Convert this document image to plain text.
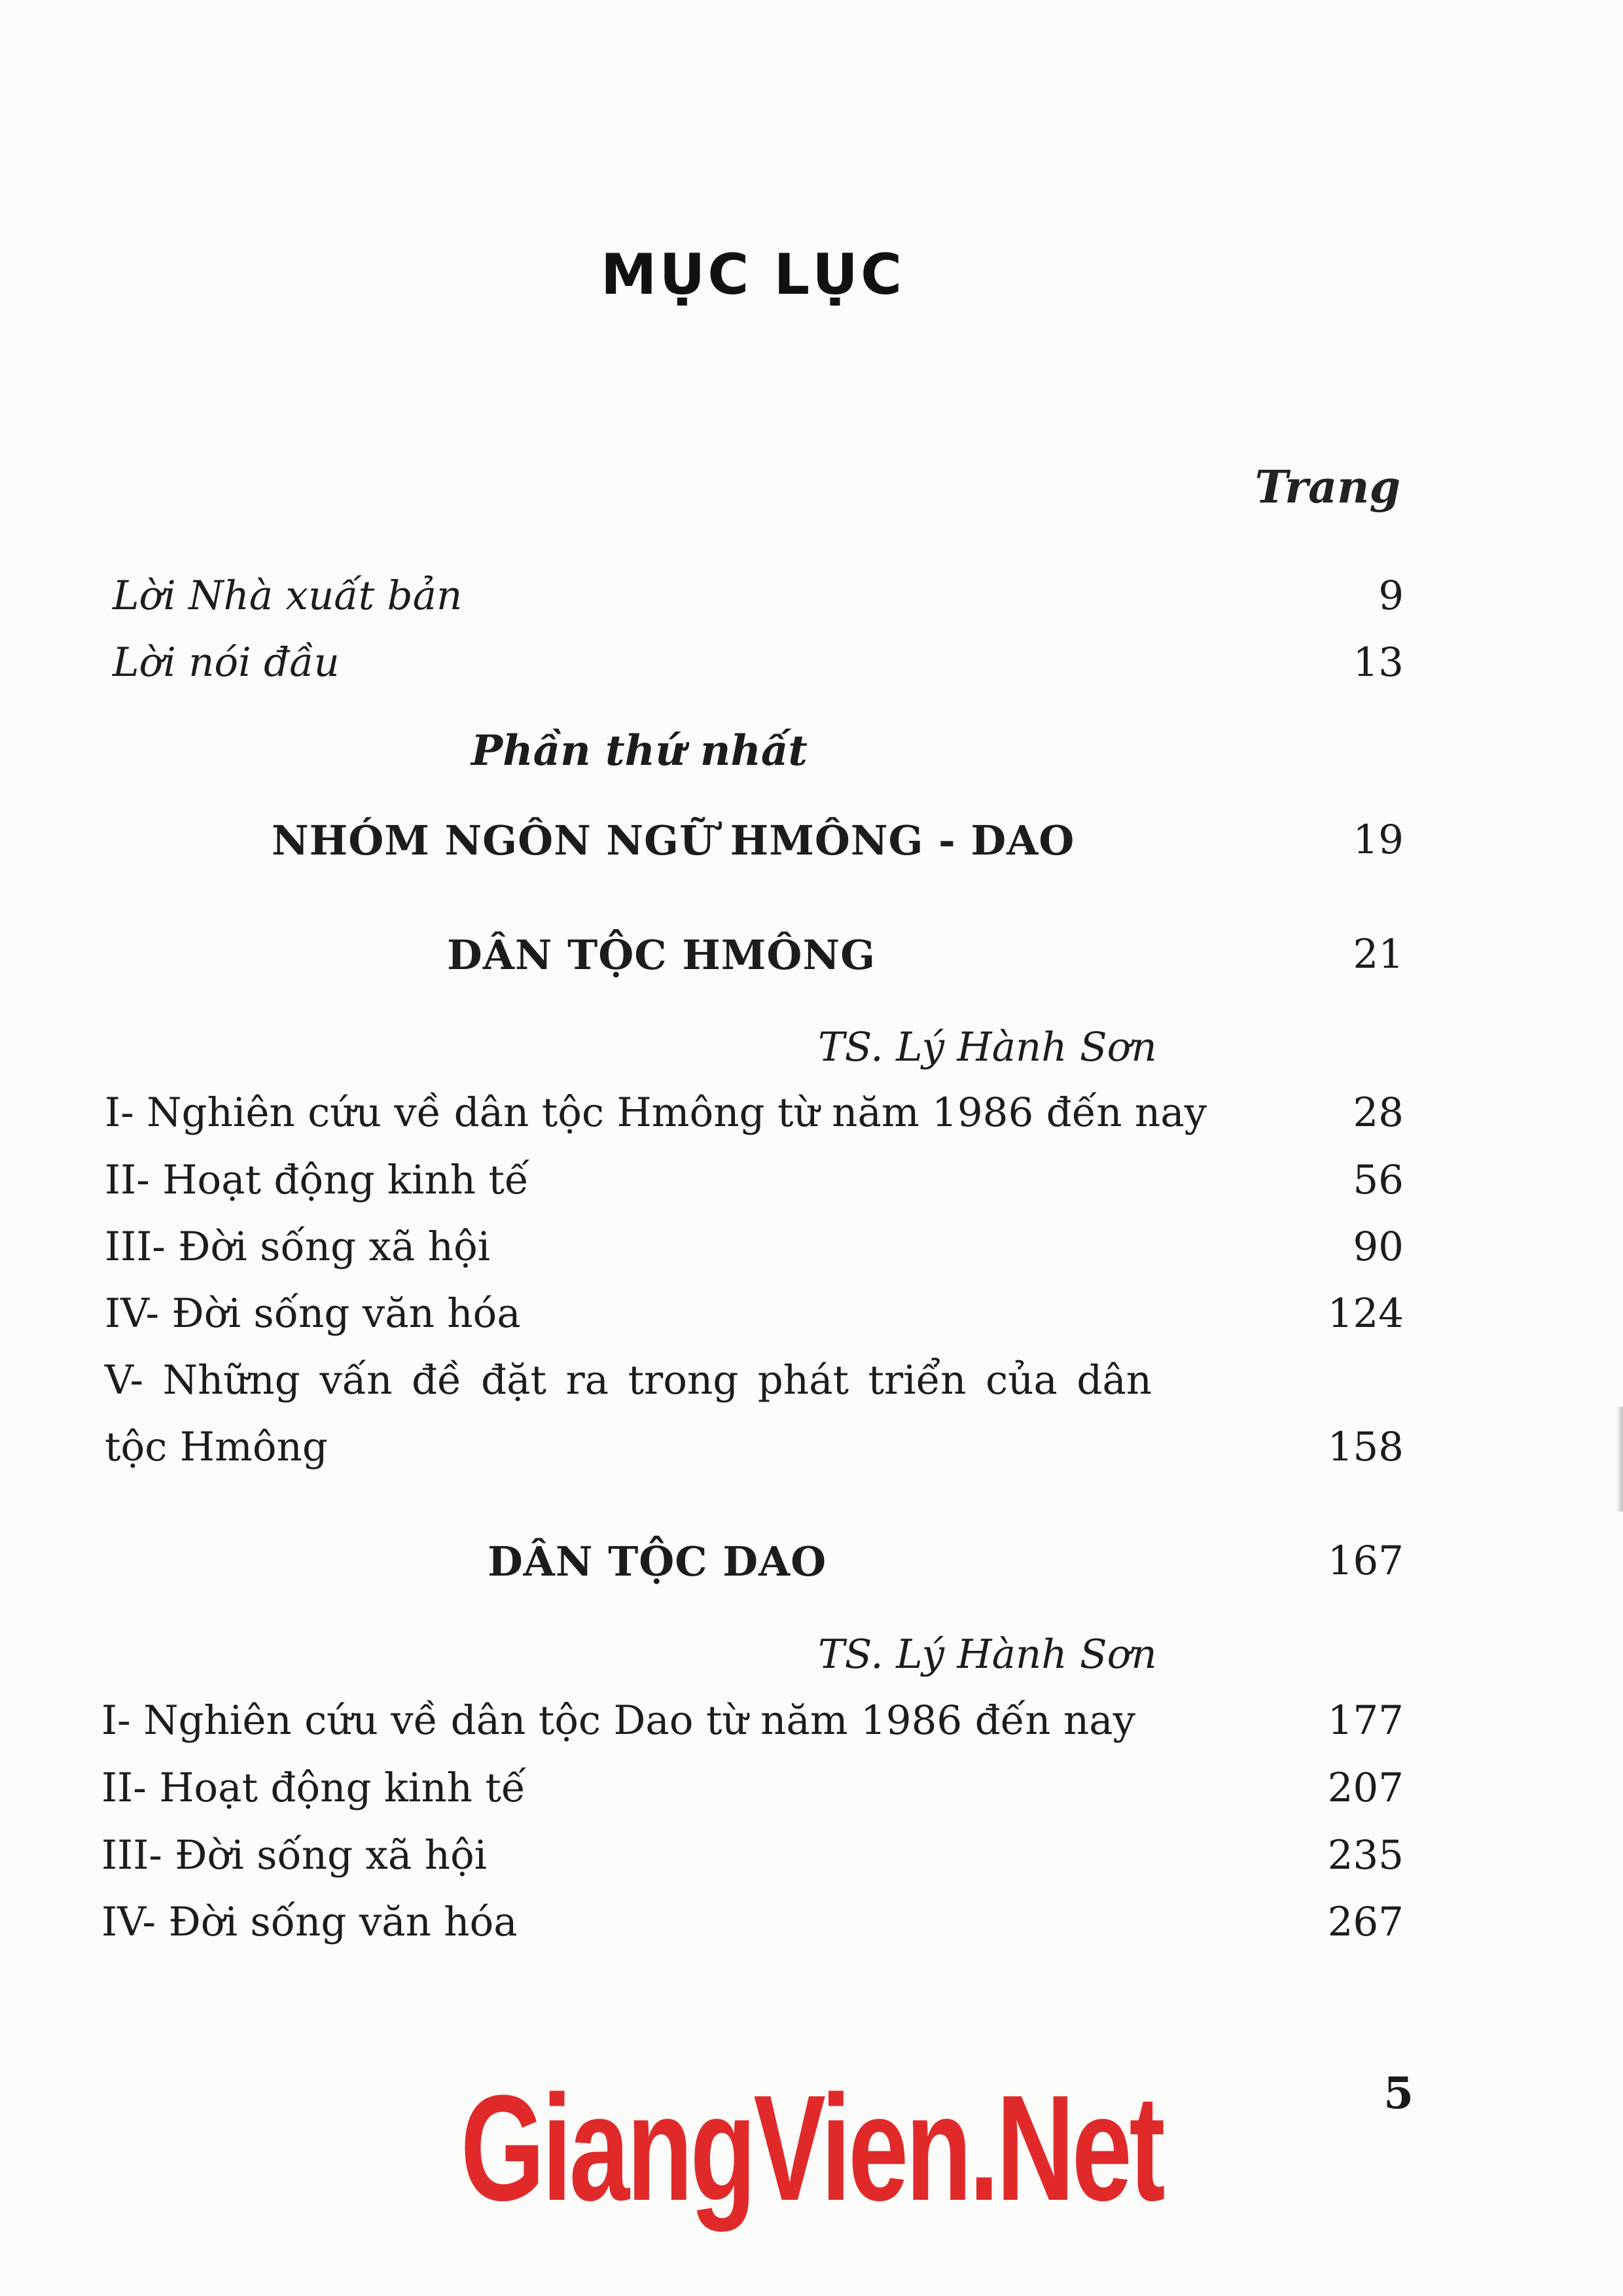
MỤC LỤC
Trang
Lời Nhà xuất bản	9
Lời nói đầu	13
Phần thứ nhất
NHÓM NGÔN NGỮ HMÔNG - DAO	19
DÂN TỘC HMÔNG	21
TS. Lý Hành Sơn
I- Nghiên cứu về dân tộc Hmông từ năm 1986 đến nay	28
II- Hoạt động kinh tế	56
III- Đời sống xã hội	90
IV- Đời sống văn hóa	124
V- Những vấn đề đặt ra trong phát triển của dân
tộc Hmông	158
DÂN TỘC DAO	167
TS. Lý Hành Sơn
I- Nghiên cứu về dân tộc Dao từ năm 1986 đến nay	177
II- Hoạt động kinh tế	207
III- Đời sống xã hội	235
IV- Đời sống văn hóa	267
5
GiangVien.Net
